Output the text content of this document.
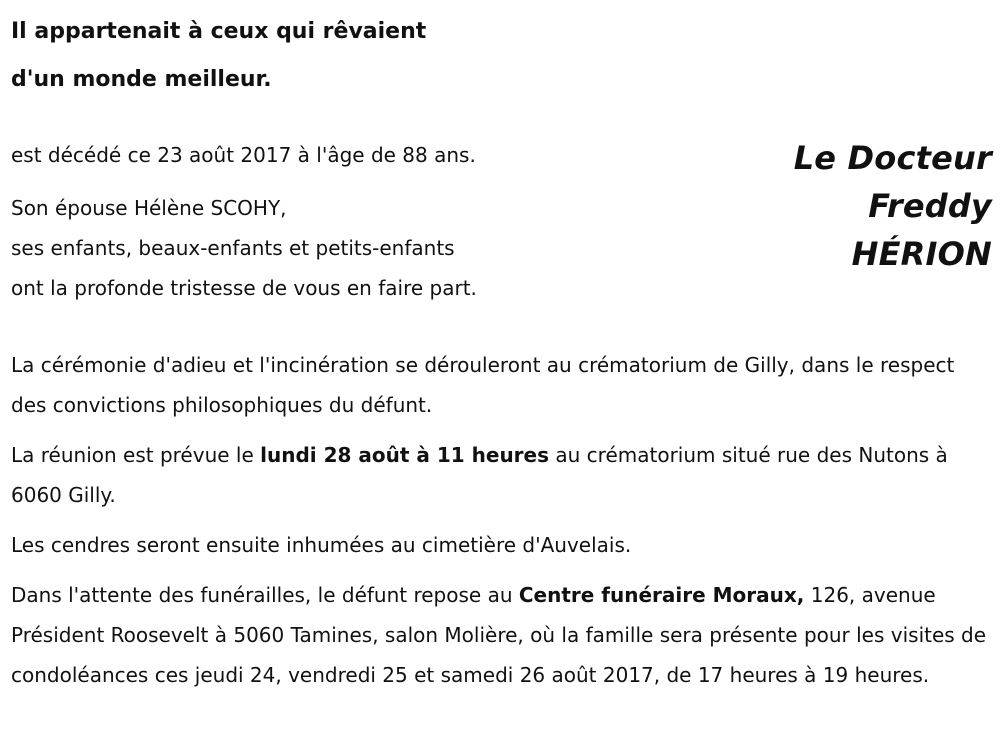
Il appartenait à ceux qui rêvaient
d'un monde meilleur.
Le Docteur
Freddy
HÉRION
est décédé ce 23 août 2017 à l'âge de 88 ans.
Son épouse Hélène SCOHY,
ses enfants, beaux-enfants et petits-enfants
ont la profonde tristesse de vous en faire part.

La cérémonie d'adieu et l'incinération se dérouleront au crématorium de Gilly, dans le respect des convictions philosophiques du défunt.

La réunion est prévue le lundi 28 août à 11 heures au crématorium situé rue des Nutons à 6060 Gilly.

Les cendres seront ensuite inhumées au cimetière d'Auvelais.

Dans l'attente des funérailles, le défunt repose au Centre funéraire Moraux, 126, avenue Président Roosevelt à 5060 Tamines, salon Molière, où la famille sera présente pour les visites de condoléances ces jeudi 24, vendredi 25 et samedi 26 août 2017, de 17 heures à 19 heures.
